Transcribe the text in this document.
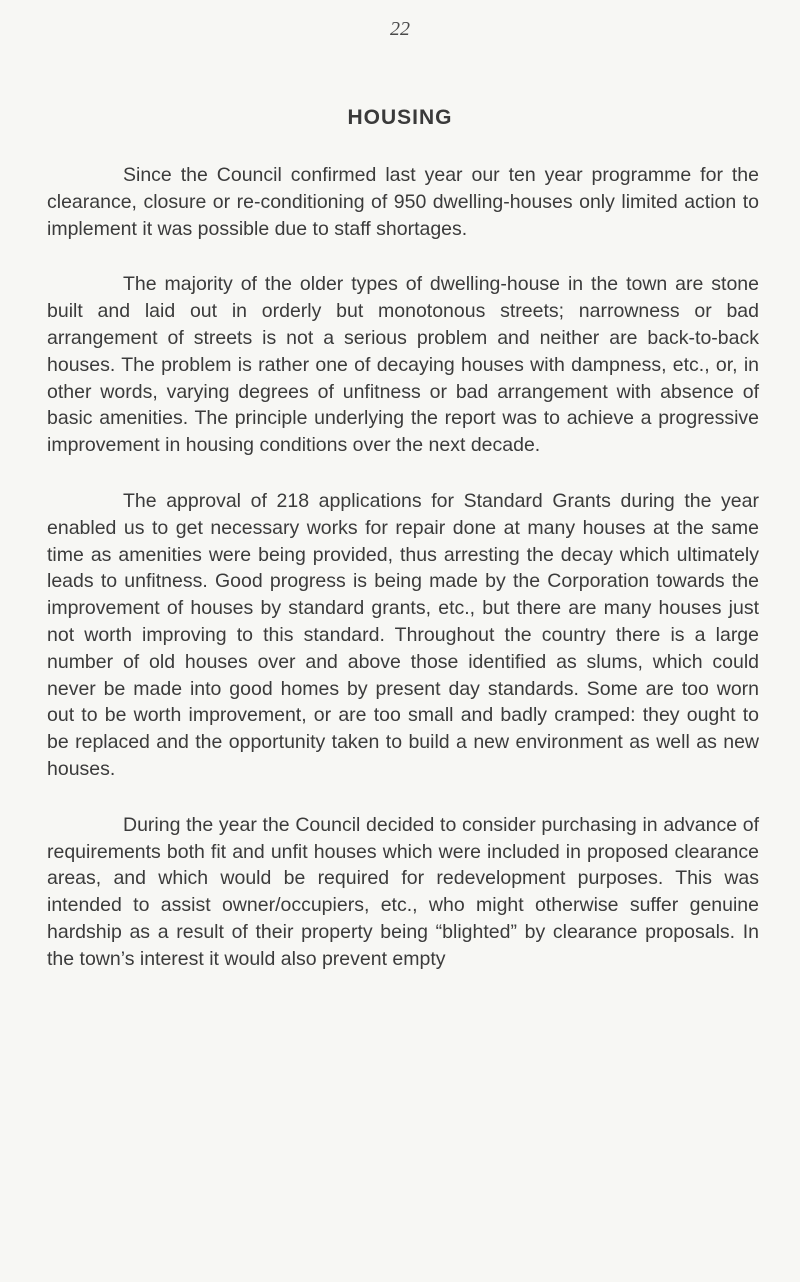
22
HOUSING

Since the Council confirmed last year our ten year programme for the clearance, closure or re-conditioning of 950 dwelling-houses only limited action to implement it was possible due to staff shortages.

The majority of the older types of dwelling-house in the town are stone built and laid out in orderly but monotonous streets; narrowness or bad arrangement of streets is not a serious problem and neither are back-to-back houses. The problem is rather one of decaying houses with dampness, etc., or, in other words, varying degrees of unfitness or bad arrangement with absence of basic amenities. The principle underlying the report was to achieve a progressive improvement in housing conditions over the next decade.

The approval of 218 applications for Standard Grants during the year enabled us to get necessary works for repair done at many houses at the same time as amenities were being provided, thus arresting the decay which ultimately leads to unfitness. Good progress is being made by the Corporation towards the improvement of houses by standard grants, etc., but there are many houses just not worth improving to this standard. Throughout the country there is a large number of old houses over and above those identified as slums, which could never be made into good homes by present day standards. Some are too worn out to be worth improvement, or are too small and badly cramped: they ought to be replaced and the opportunity taken to build a new environment as well as new houses.

During the year the Council decided to consider purchasing in advance of requirements both fit and unfit houses which were included in proposed clearance areas, and which would be required for redevelopment purposes. This was intended to assist owner/occupiers, etc., who might otherwise suffer genuine hardship as a result of their property being “blighted” by clearance proposals. In the town’s interest it would also prevent empty
